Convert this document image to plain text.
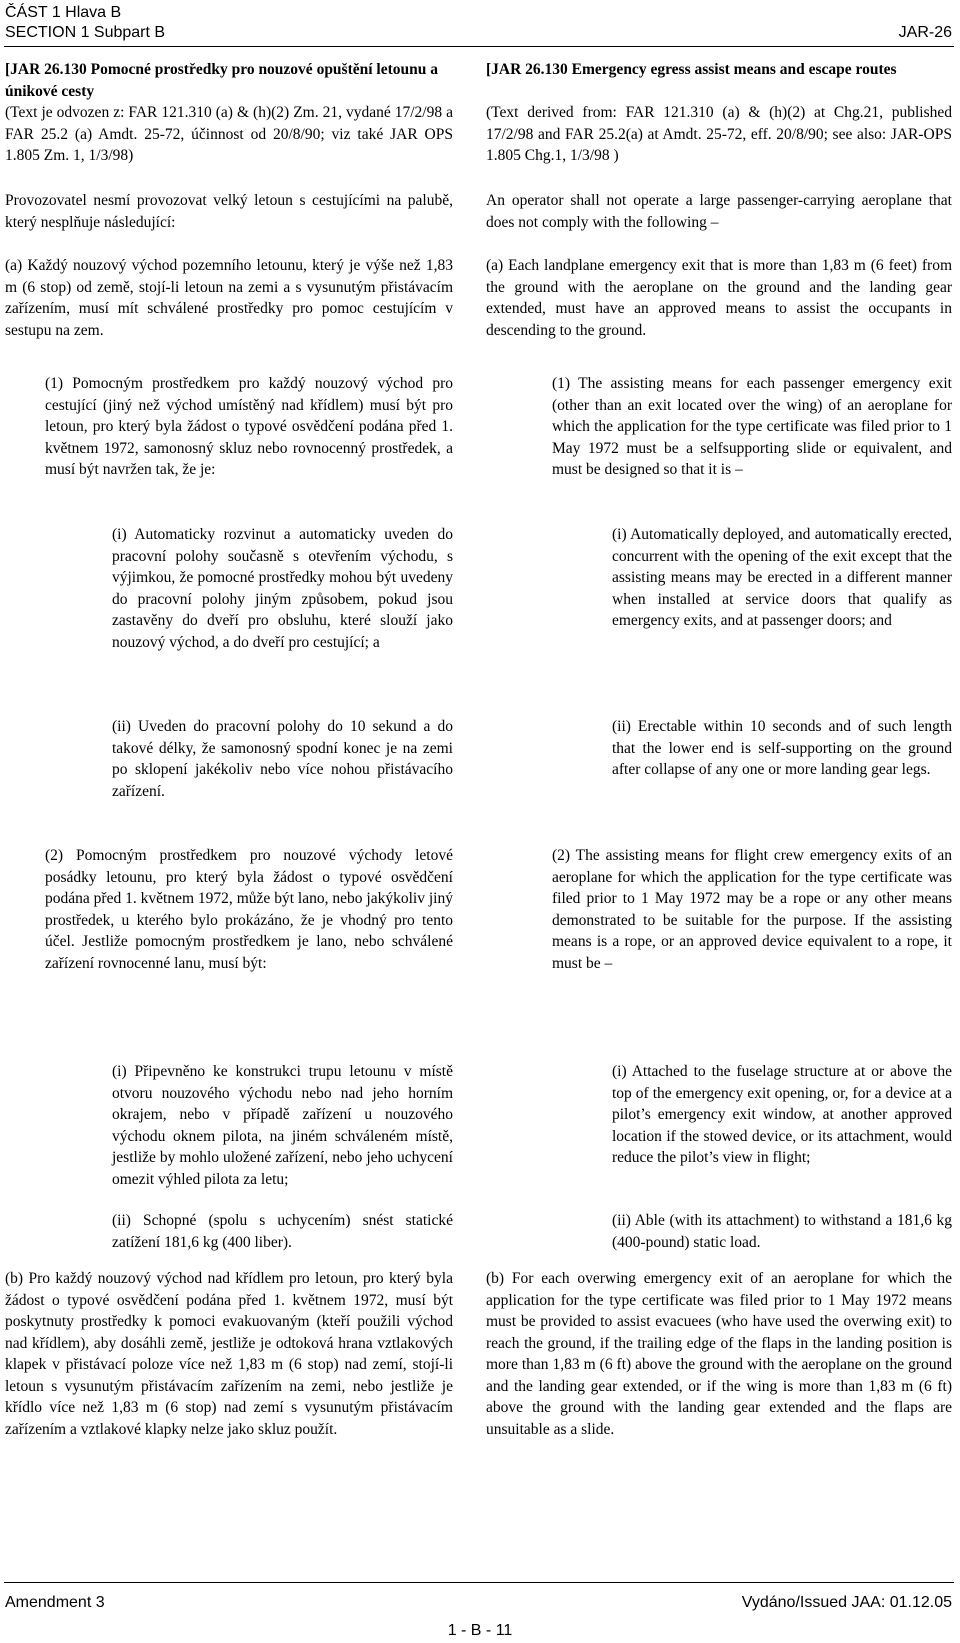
ČÁST 1 Hlava B
SECTION 1 Subpart B	JAR-26
[JAR 26.130 Pomocné prostředky pro nouzové opuštění letounu a únikové cesty
(Text je odvozen z: FAR 121.310 (a) & (h)(2) Zm. 21, vydané 17/2/98 a FAR 25.2 (a) Amdt. 25-72, účinnost od 20/8/90; viz také JAR OPS 1.805 Zm. 1, 1/3/98)
Provozovatel nesmí provozovat velký letoun s cestujícími na palubě, který nesplňuje následující:
(a) Každý nouzový východ pozemního letounu, který je výše než 1,83 m (6 stop) od země, stojí-li letoun na zemi a s vysunutým přistávacím zařízením, musí mít schválené prostředky pro pomoc cestujícím v sestupu na zem.
(1) Pomocným prostředkem pro každý nouzový východ pro cestující (jiný než východ umístěný nad křídlem) musí být pro letoun, pro který byla žádost o typové osvědčení podána před 1. květnem 1972, samonosný skluz nebo rovnocenný prostředek, a musí být navržen tak, že je:
(i) Automaticky rozvinut a automaticky uveden do pracovní polohy současně s otevřením východu, s výjimkou, že pomocné prostředky mohou být uvedeny do pracovní polohy jiným způsobem, pokud jsou zastavěny do dveří pro obsluhu, které slouží jako nouzový východ, a do dveří pro cestující; a
(ii) Uveden do pracovní polohy do 10 sekund a do takové délky, že samonosný spodní konec je na zemi po sklopení jakékoliv nebo více nohou přistávacího zařízení.
(2) Pomocným prostředkem pro nouzové východy letové posádky letounu, pro který byla žádost o typové osvědčení podána před 1. květnem 1972, může být lano, nebo jakýkoliv jiný prostředek, u kterého bylo prokázáno, že je vhodný pro tento účel. Jestliže pomocným prostředkem je lano, nebo schválené zařízení rovnocenné lanu, musí být:
(i) Připevněno ke konstrukci trupu letounu v místě otvoru nouzového východu nebo nad jeho horním okrajem, nebo v případě zařízení u nouzového východu oknem pilota, na jiném schváleném místě, jestliže by mohlo uložené zařízení, nebo jeho uchycení omezit výhled pilota za letu;
(ii) Schopné (spolu s uchycením) snést statické zatížení 181,6 kg (400 liber).
(b) Pro každý nouzový východ nad křídlem pro letoun, pro který byla žádost o typové osvědčení podána před 1. květnem 1972, musí být poskytnuty prostředky k pomoci evakuovaným (kteří použili východ nad křídlem), aby dosáhli země, jestliže je odtoková hrana vztlakových klapek v přistávací poloze více než 1,83 m (6 stop) nad zemí, stojí-li letoun s vysunutým přistávacím zařízením na zemi, nebo jestliže je křídlo více než 1,83 m (6 stop) nad zemí s vysunutým přistávacím zařízením a vztlakové klapky nelze jako skluz použít.
[JAR 26.130 Emergency egress assist means and escape routes
(Text derived from: FAR 121.310 (a) & (h)(2) at Chg.21, published 17/2/98 and FAR 25.2(a) at Amdt. 25-72, eff. 20/8/90; see also: JAR-OPS 1.805 Chg.1, 1/3/98 )
An operator shall not operate a large passenger-carrying aeroplane that does not comply with the following –
(a) Each landplane emergency exit that is more than 1,83 m (6 feet) from the ground with the aeroplane on the ground and the landing gear extended, must have an approved means to assist the occupants in descending to the ground.
(1) The assisting means for each passenger emergency exit (other than an exit located over the wing) of an aeroplane for which the application for the type certificate was filed prior to 1 May 1972 must be a selfsupporting slide or equivalent, and must be designed so that it is –
(i) Automatically deployed, and automatically erected, concurrent with the opening of the exit except that the assisting means may be erected in a different manner when installed at service doors that qualify as emergency exits, and at passenger doors; and
(ii) Erectable within 10 seconds and of such length that the lower end is self-supporting on the ground after collapse of any one or more landing gear legs.
(2) The assisting means for flight crew emergency exits of an aeroplane for which the application for the type certificate was filed prior to 1 May 1972 may be a rope or any other means demonstrated to be suitable for the purpose. If the assisting means is a rope, or an approved device equivalent to a rope, it must be –
(i) Attached to the fuselage structure at or above the top of the emergency exit opening, or, for a device at a pilot’s emergency exit window, at another approved location if the stowed device, or its attachment, would reduce the pilot’s view in flight;
(ii) Able (with its attachment) to withstand a 181,6 kg (400-pound) static load.
(b) For each overwing emergency exit of an aeroplane for which the application for the type certificate was filed prior to 1 May 1972 means must be provided to assist evacuees (who have used the overwing exit) to reach the ground, if the trailing edge of the flaps in the landing position is more than 1,83 m (6 ft) above the ground with the aeroplane on the ground and the landing gear extended, or if the wing is more than 1,83 m (6 ft) above the ground with the landing gear extended and the flaps are unsuitable as a slide.
Amendment 3	Vydáno/Issued JAA: 01.12.05
1 - B - 11
